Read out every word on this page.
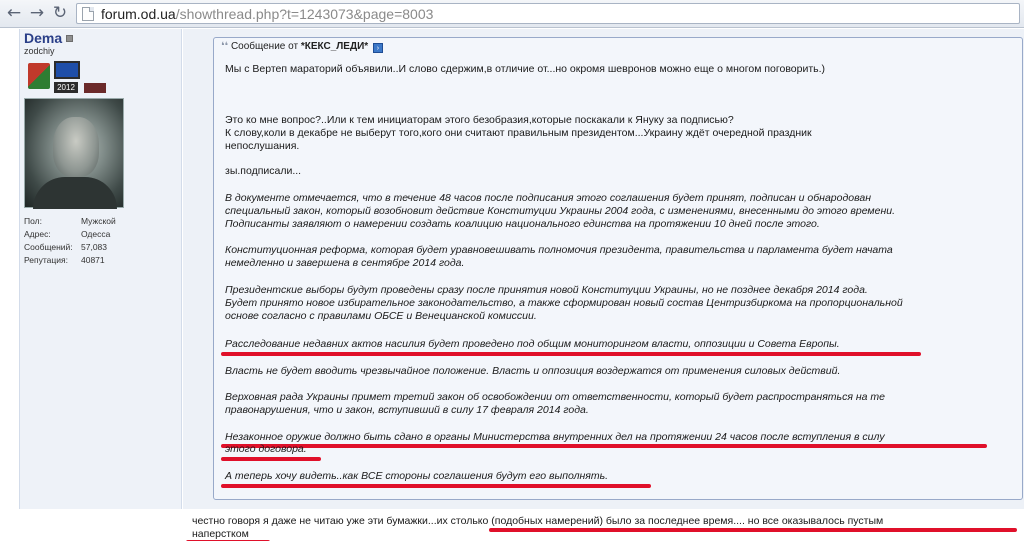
← → ↻ forum.od.ua/showthread.php?t=1243073&page=8003
Dema
zodchiy
2012
Пол:	Мужской
Адрес:	Одесса
Сообщений: 57,083
Репутация:	40871
❛❛ Сообщение от *КЕКС_ЛЕДИ* ›
Мы с Вертеп мараторий объявили..И слово сдержим,в отличие от...но окромя шевронов можно еще о многом поговорить.)
Это ко мне вопрос?..Или к тем инициаторам этого безобразия,которые поскакали к Януку за подписью?
К слову,коли в декабре не выберут того,кого они считают правильным президентом...Украину ждёт очередной праздник
непослушания.
зы.подписали...
В документе отмечается, что в течение 48 часов после подписания этого соглашения будет принят, подписан и обнародован
специальный закон, который возобновит действие Конституции Украины 2004 года, с изменениями, внесенными до этого времени.
Подписанты заявляют о намерении создать коалицию национального единства на протяжении 10 дней после этого.
Конституционная реформа, которая будет уравновешивать полномочия президента, правительства и парламента будет начата
немедленно и завершена в сентябре 2014 года.
Президентские выборы будут проведены сразу после принятия новой Конституции Украины, но не позднее декабря 2014 года.
Будет принято новое избирательное законодательство, а также сформирован новый состав Центризбиркома на пропорциональной
основе согласно с правилами ОБСЕ и Венецианской комиссии.
Расследование недавних актов насилия будет проведено под общим мониторингом власти, оппозиции и Совета Европы.
Власть не будет вводить чрезвычайное положение. Власть и оппозиция воздержатся от применения силовых действий.
Верховная рада Украины примет третий закон об освобождении от ответственности, который будет распространяться на те
правонарушения, что и закон, вступивший в силу 17 февраля 2014 года.
Незаконное оружие должно быть сдано в органы Министерства внутренних дел на протяжении 24 часов после вступления в силу
этого договора.
А теперь хочу видеть..как ВСЕ стороны соглашения будут его выполнять.
честно говоря я даже не читаю уже эти бумажки...их столько (подобных намерений) было за последнее время.... но все оказывалось пустым
наперстком
